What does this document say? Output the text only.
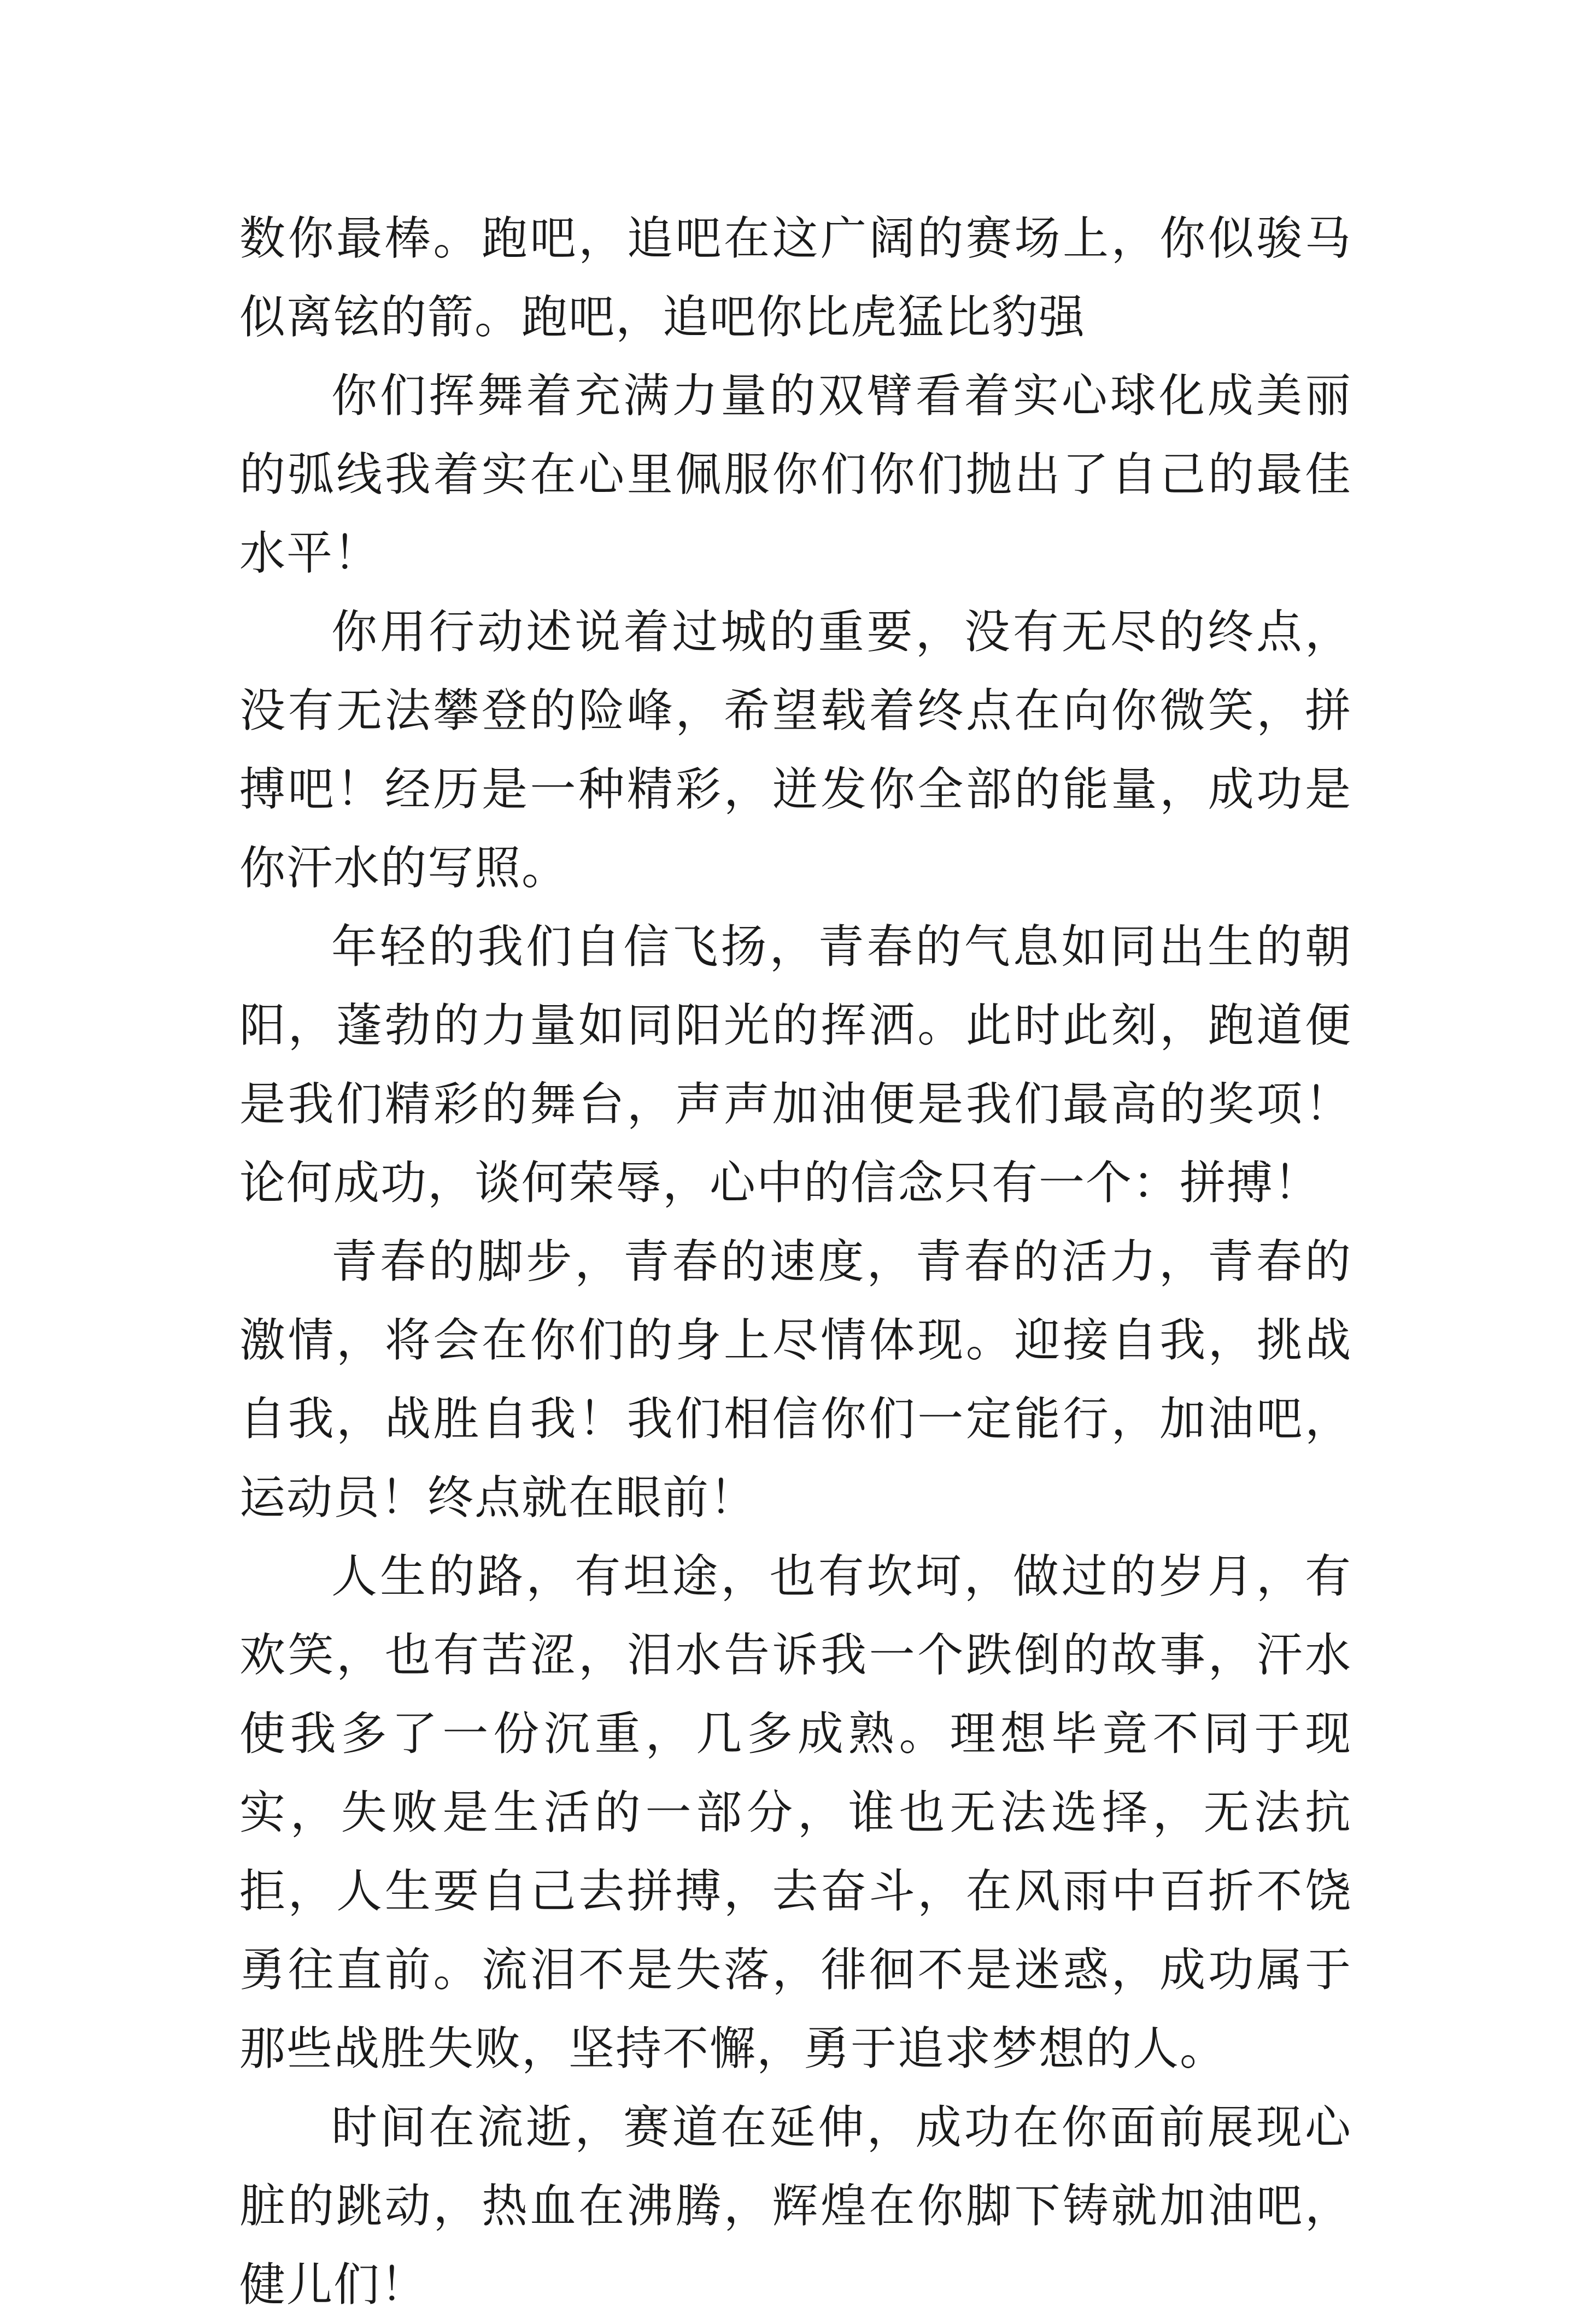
数你最棒。跑吧，追吧在这广阔的赛场上，你似骏马似离铉的箭。跑吧，追吧你比虎猛比豹强

你们挥舞着充满力量的双臂看着实心球化成美丽的弧线我着实在心里佩服你们你们抛出了自己的最佳水平！

你用行动述说着过城的重要，没有无尽的终点，没有无法攀登的险峰，希望载着终点在向你微笑，拼搏吧！经历是一种精彩，迸发你全部的能量，成功是你汗水的写照。

年轻的我们自信飞扬，青春的气息如同出生的朝阳，蓬勃的力量如同阳光的挥洒。此时此刻，跑道便是我们精彩的舞台，声声加油便是我们最高的奖项！论何成功，谈何荣辱，心中的信念只有一个：拼搏！

青春的脚步，青春的速度，青春的活力，青春的激情，将会在你们的身上尽情体现。迎接自我，挑战自我，战胜自我！我们相信你们一定能行，加油吧，运动员！终点就在眼前！

人生的路，有坦途，也有坎坷，做过的岁月，有欢笑，也有苦涩，泪水告诉我一个跌倒的故事，汗水使我多了一份沉重，几多成熟。理想毕竟不同于现实，失败是生活的一部分，谁也无法选择，无法抗拒，人生要自己去拼搏，去奋斗，在风雨中百折不饶勇往直前。流泪不是失落，徘徊不是迷惑，成功属于那些战胜失败，坚持不懈，勇于追求梦想的人。

时间在流逝，赛道在延伸，成功在你面前展现心脏的跳动，热血在沸腾，辉煌在你脚下铸就加油吧，健儿们！
